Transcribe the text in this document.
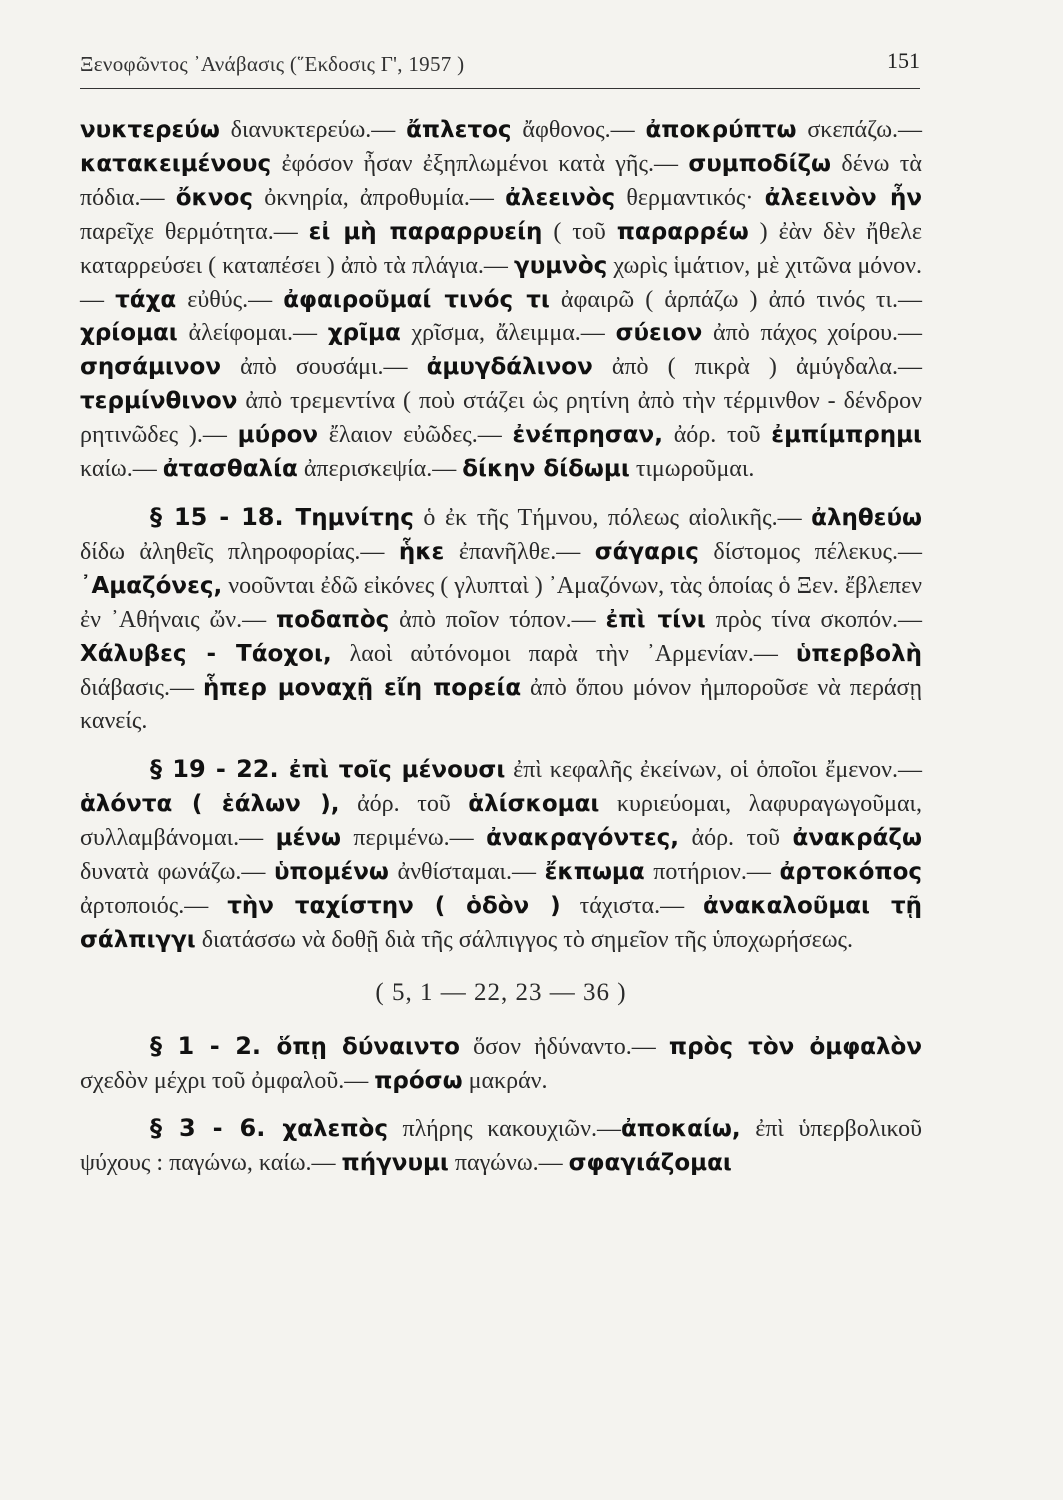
Ξενοφῶντος ᾿Ανάβασις (῞Εκδοσις Γ', 1957 )	151

νυκτερεύω διανυκτερεύω.— ἄπλετος ἄφθονος.— ἀποκρύπτω σκεπάζω.— κατακειμένους ἐφόσον ἦσαν ἐξηπλωμένοι κατὰ γῆς.— συμποδίζω δένω τὰ πόδια.— ὄκνος ὀκνηρία, ἀπροθυμία.— ἀλεεινὸς θερμαντικός· ἀλεεινὸν ἦν παρεῖχε θερμότητα.— εἰ μὴ παραρρυείη ( τοῦ παραρρέω ) ἐὰν δὲν ἤθελε καταρρεύσει ( καταπέσει ) ἀπὸ τὰ πλάγια.— γυμνὸς χωρὶς ἱμάτιον, μὲ χιτῶνα μόνον.— τάχα εὐθύς.— ἀφαιροῦμαί τινός τι ἀφαιρῶ ( ἁρπάζω ) ἀπό τινός τι.— χρίομαι ἀλείφομαι.— χρῖμα χρῖσμα, ἄλειμμα.— σύειον ἀπὸ πάχος χοίρου.— σησάμινον ἀπὸ σουσάμι.— ἀμυγδάλινον ἀπὸ ( πικρὰ ) ἀμύγδαλα.— τερμίνθινον ἀπὸ τρεμεντίνα ( ποὺ στάζει ὡς ρητίνη ἀπὸ τὴν τέρμινθον - δένδρον ρητινῶδες ).— μύρον ἔλαιον εὐῶδες.— ἐνέπρησαν, ἀόρ. τοῦ ἐμπίμπρημι καίω.— ἀτασθαλία ἀπερισκεψία.— δίκην δίδωμι τιμωροῦμαι.

§ 15 - 18. Τημνίτης ὁ ἐκ τῆς Τήμνου, πόλεως αἰολικῆς.— ἀληθεύω δίδω ἀληθεῖς πληροφορίας.— ἧκε ἐπανῆλθε.— σάγαρις δίστομος πέλεκυς.— ᾿Αμαζόνες, νοοῦνται ἐδῶ εἰκόνες ( γλυπταὶ ) ᾿Αμαζόνων, τὰς ὁποίας ὁ Ξεν. ἔβλεπεν ἐν ᾿Αθήναις ὤν.— ποδαπὸς ἀπὸ ποῖον τόπον.— ἐπὶ τίνι πρὸς τίνα σκοπόν.— Χάλυβες - Τάοχοι, λαοὶ αὐτόνομοι παρὰ τὴν ᾿Αρμενίαν.— ὑπερβολὴ διάβασις.— ἧπερ μοναχῇ εἴη πορεία ἀπὸ ὅπου μόνον ἠμποροῦσε νὰ περάσῃ κανείς.

§ 19 - 22. ἐπὶ τοῖς μένουσι ἐπὶ κεφαλῆς ἐκείνων, οἱ ὁποῖοι ἔμενον.— ἁλόντα ( ἑάλων ), ἀόρ. τοῦ ἁλίσκομαι κυριεύομαι, λαφυραγωγοῦμαι, συλλαμβάνομαι.— μένω περιμένω.— ἀνακραγόντες, ἀόρ. τοῦ ἀνακράζω δυνατὰ φωνάζω.— ὑπομένω ἀνθίσταμαι.— ἔκπωμα ποτήριον.— ἀρτοκόπος ἀρτοποιός.— τὴν ταχίστην ( ὁδὸν ) τάχιστα.— ἀνακαλοῦμαι τῇ σάλπιγγι διατάσσω νὰ δοθῇ διὰ τῆς σάλπιγγος τὸ σημεῖον τῆς ὑποχωρήσεως.

( 5, 1 — 22, 23 — 36 )

§ 1 - 2. ὅπῃ δύναιντο ὅσον ἠδύναντο.— πρὸς τὸν ὀμφαλὸν σχεδὸν μέχρι τοῦ ὀμφαλοῦ.— πρόσω μακράν.

§ 3 - 6. χαλεπὸς πλήρης κακουχιῶν.—ἀποκαίω, ἐπὶ ὑπερβολικοῦ ψύχους : παγώνω, καίω.— πήγνυμι παγώνω.— σφαγιάζομαι
